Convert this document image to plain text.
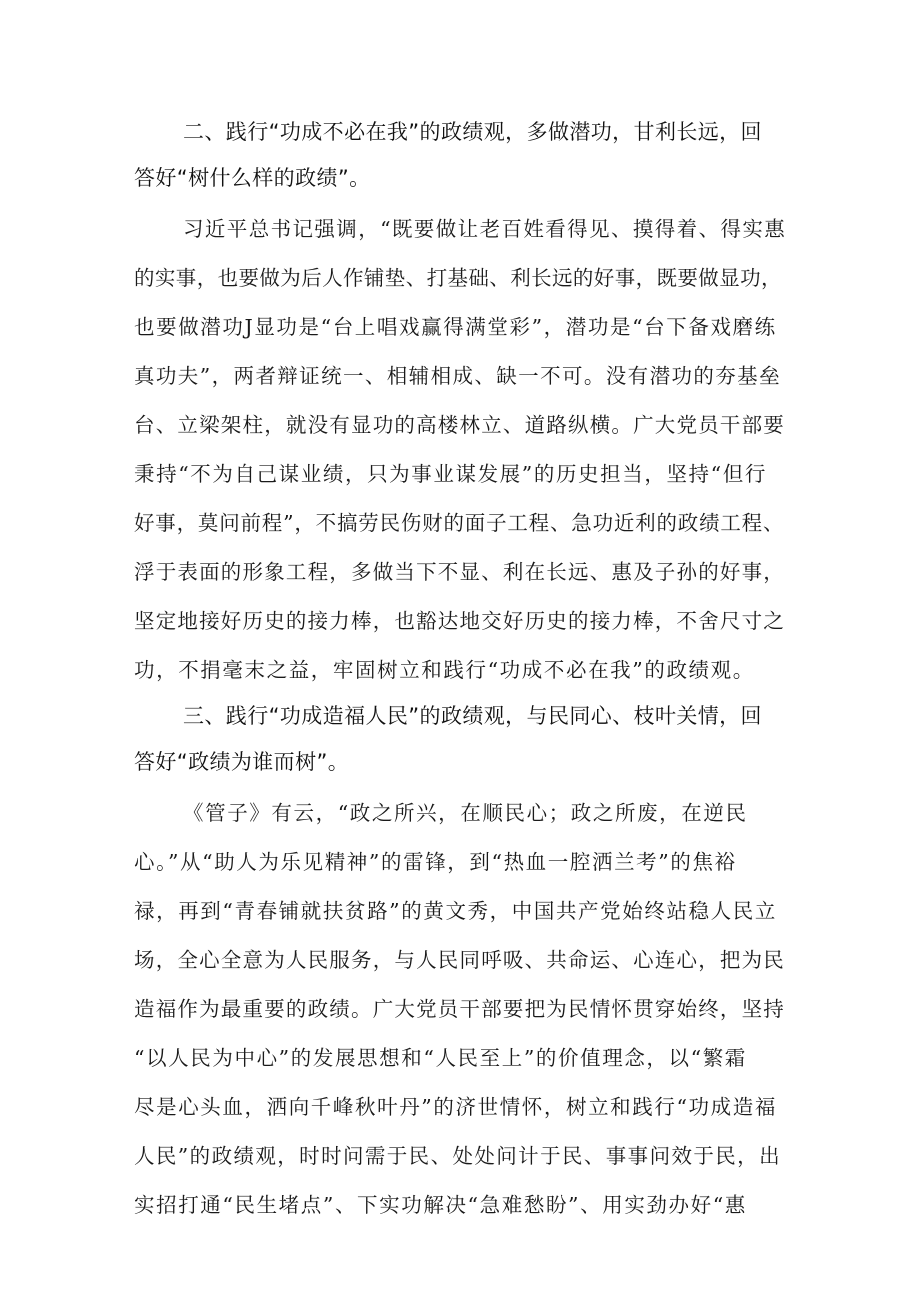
二、践行“功成不必在我”的政绩观，多做潜功，甘利长远，回

答好“树什么样的政绩”。

习近平总书记强调，“既要做让老百姓看得见、摸得着、得实惠

的实事，也要做为后人作铺垫、打基础、利长远的好事，既要做显功，

也要做潜功J显功是“台上唱戏赢得满堂彩”，潜功是“台下备戏磨练

真功夫”，两者辩证统一、相辅相成、缺一不可。没有潜功的夯基垒

台、立梁架柱，就没有显功的高楼林立、道路纵横。广大党员干部要

秉持“不为自己谋业绩，只为事业谋发展”的历史担当，坚持“但行

好事，莫问前程”，不搞劳民伤财的面子工程、急功近利的政绩工程、

浮于表面的形象工程，多做当下不显、利在长远、惠及子孙的好事，

坚定地接好历史的接力棒，也豁达地交好历史的接力棒，不舍尺寸之

功，不捐毫末之益，牢固树立和践行“功成不必在我”的政绩观。

三、践行“功成造福人民”的政绩观，与民同心、枝叶关情，回

答好“政绩为谁而树”。

《管子》有云，“政之所兴，在顺民心；政之所废，在逆民

心。”从“助人为乐见精神”的雷锋，到“热血一腔洒兰考”的焦裕

禄，再到“青春铺就扶贫路”的黄文秀，中国共产党始终站稳人民立

场，全心全意为人民服务，与人民同呼吸、共命运、心连心，把为民

造福作为最重要的政绩。广大党员干部要把为民情怀贯穿始终，坚持

“以人民为中心”的发展思想和“人民至上”的价值理念，以“繁霜

尽是心头血，洒向千峰秋叶丹”的济世情怀，树立和践行“功成造福

人民”的政绩观，时时问需于民、处处问计于民、事事问效于民，出

实招打通“民生堵点”、下实功解决“急难愁盼”、用实劲办好“惠
